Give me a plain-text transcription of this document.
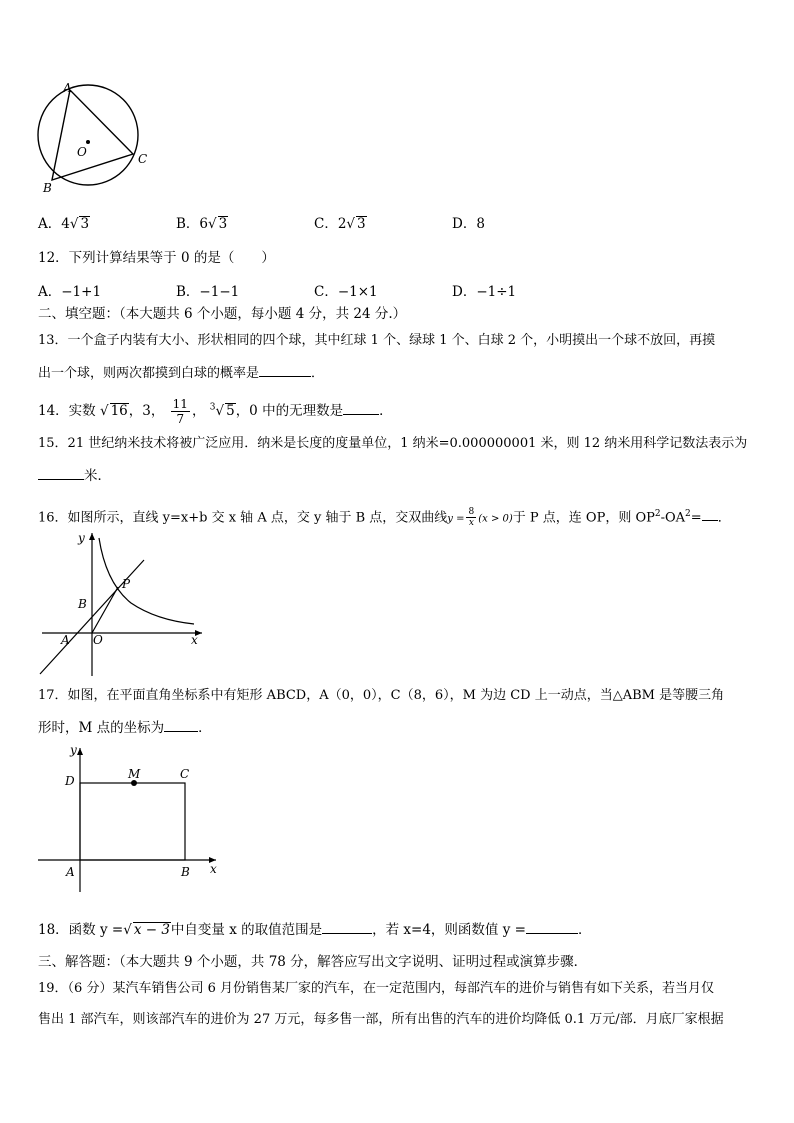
A
B
C
O
A．4√ 3	B．6√ 3	C．2√ 3	D．8
12．下列计算结果等于 0 的是（　　）
A．−1+1	B．−1−1	C．−1×1	D．−1÷1
二、填空题：（本大题共 6 个小题，每小题 4 分，共 24 分.）
13．一个盒子内装有大小、形状相同的四个球，其中红球 1 个、绿球 1 个、白球 2 个，小明摸出一个球不放回，再摸
出一个球，则两次都摸到白球的概率是	．
14．实数 √ 16，3， $\frac{11}{7}$ ， $^3$√ 5，0 中的无理数是	．
15．21 世纪纳米技术将被广泛应用．纳米是长度的度量单位，1 纳米=0.000000001 米，则 12 纳米用科学记数法表示为
米．
16．如图所示，直线 y=x+b 交 x 轴 A 点，交 y 轴于 B 点，交双曲线$y = \frac{8}{x} (x > 0)$于 P 点，连 OP，则 $OP^2-OA^2=$ ．
y
x
P
B
A O
17．如图，在平面直角坐标系中有矩形 ABCD，A（0，0），C（8，6），M 为边 CD 上一动点，当△ABM 是等腰三角
形时，M 点的坐标为	．
y
x
D	M	C
A	B
18．函数 y =√ x − 3中自变量 x 的取值范围是	，若 x=4，则函数值 y =	．
三、解答题：（本大题共 9 个小题，共 78 分，解答应写出文字说明、证明过程或演算步骤．
19．（6 分）某汽车销售公司 6 月份销售某厂家的汽车，在一定范围内，每部汽车的进价与销售有如下关系，若当月仅
售出 1 部汽车，则该部汽车的进价为 27 万元，每多售一部，所有出售的汽车的进价均降低 0.1 万元/部．月底厂家根据
